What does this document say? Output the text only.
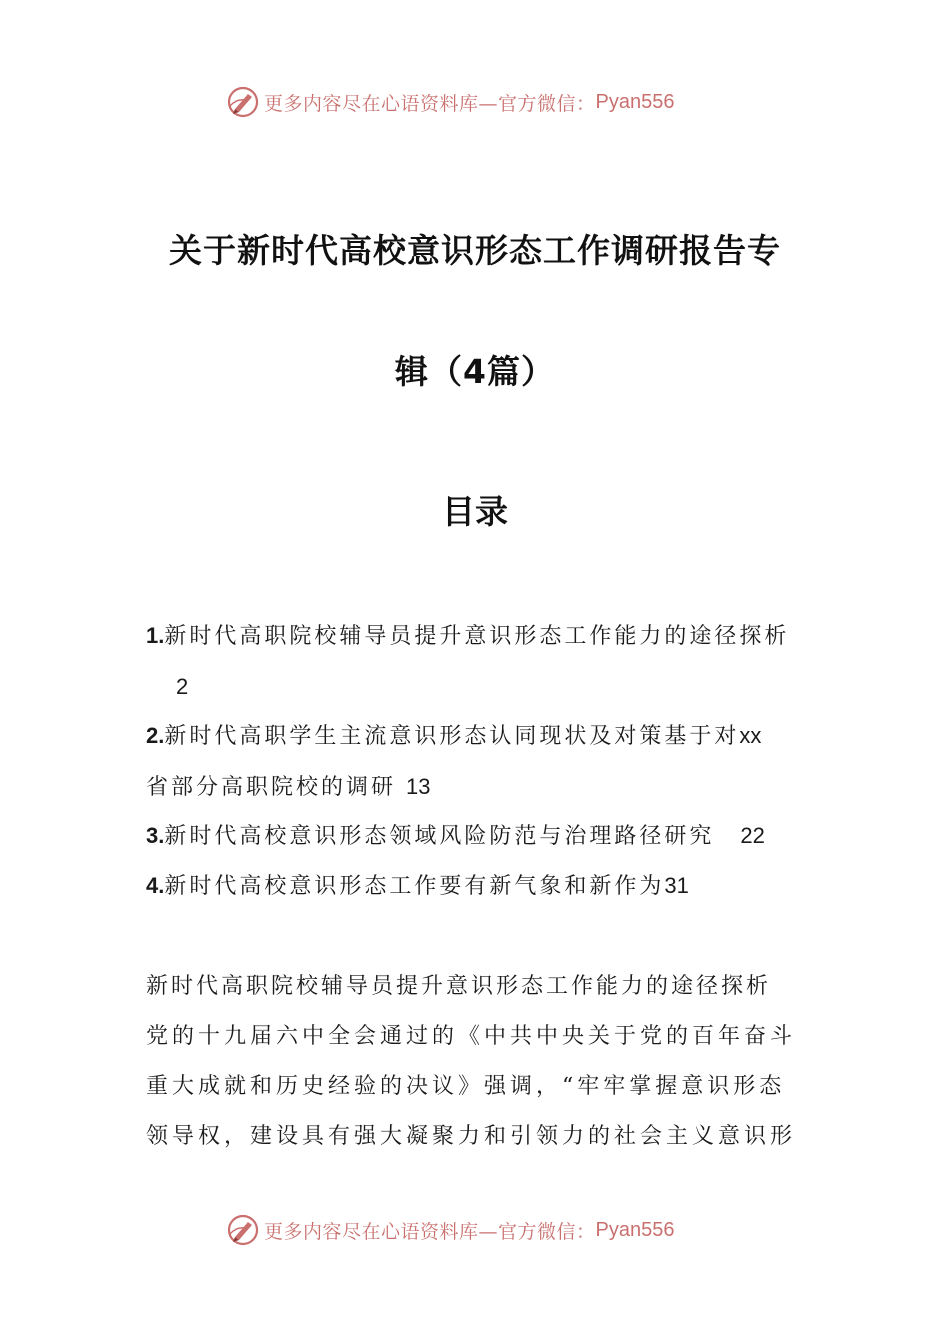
更多内容尽在心语资料库—官方微信： Pyan556
关于新时代高校意识形态工作调研报告专
辑（4篇）
目录
1.新时代高职院校辅导员提升意识形态工作能力的途径探析
2
2.新时代高职学生主流意识形态认同现状及对策基于对xx
省部分高职院校的调研 13
3.新时代高校意识形态领域风险防范与治理路径研究 22
4.新时代高校意识形态工作要有新气象和新作为31
新时代高职院校辅导员提升意识形态工作能力的途径探析
党的十九届六中全会通过的《中共中央关于党的百年奋斗重大成就和历史经验的决议》强调，“牢牢掌握意识形态领导权，建设具有强大凝聚力和引领力的社会主义意识形
更多内容尽在心语资料库—官方微信： Pyan556
